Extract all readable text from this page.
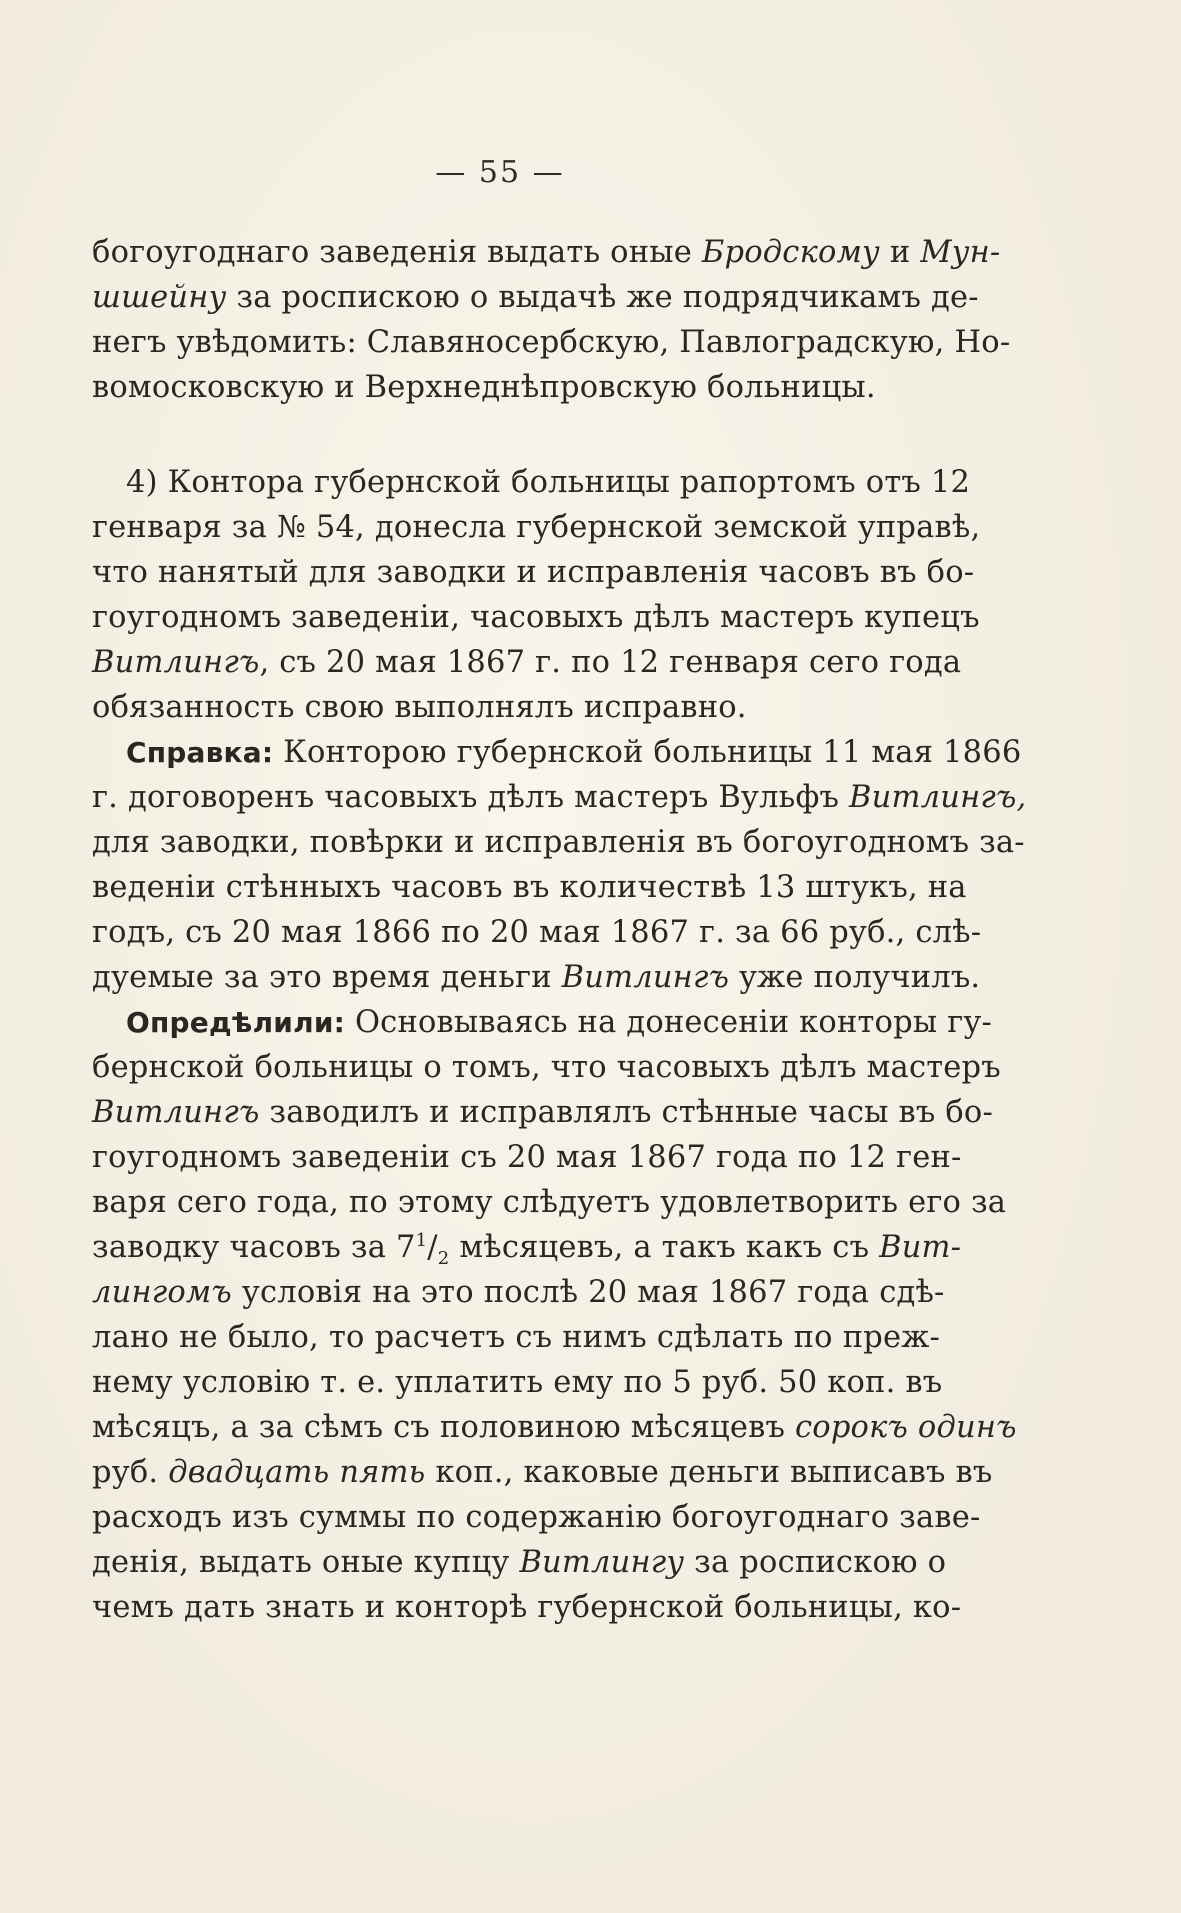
— 55 —
богоугоднаго заведенія выдать оные Бродскому и Мун-
шшейну за роспискою о выдачѣ же подрядчикамъ де-
негъ увѣдомить: Славяносербскую, Павлоградскую, Но-
вомосковскую и Верхнеднѣпровскую больницы.
4) Контора губернской больницы рапортомъ отъ 12
генваря за № 54, донесла губернской земской управѣ,
что нанятый для заводки и исправленія часовъ въ бо-
гоугодномъ заведеніи, часовыхъ дѣлъ мастеръ купецъ
Витлингъ, съ 20 мая 1867 г. по 12 генваря сего года
обязанность свою выполнялъ исправно.
Справка: Конторою губернской больницы 11 мая 1866
г. договоренъ часовыхъ дѣлъ мастеръ Вульфъ Витлингъ,
для заводки, повѣрки и исправленія въ богоугодномъ за-
веденіи стѣнныхъ часовъ въ количествѣ 13 штукъ, на
годъ, съ 20 мая 1866 по 20 мая 1867 г. за 66 руб., слѣ-
дуемые за это время деньги Витлингъ уже получилъ.
Опредѣлили: Основываясь на донесеніи конторы гу-
бернской больницы о томъ, что часовыхъ дѣлъ мастеръ
Витлингъ заводилъ и исправлялъ стѣнные часы въ бо-
гоугодномъ заведеніи съ 20 мая 1867 года по 12 ген-
варя сего года, по этому слѣдуетъ удовлетворить его за
заводку часовъ за $7^1/_2$ мѣсяцевъ, а такъ какъ съ Вит-
лингомъ условія на это послѣ 20 мая 1867 года сдѣ-
лано не было, то расчетъ съ нимъ сдѣлать по преж-
нему условію т. е. уплатить ему по 5 руб. 50 коп. въ
мѣсяцъ, а за сѣмъ съ половиною мѣсяцевъ сорокъ одинъ
руб. двадцать пять коп., каковые деньги выписавъ въ
расходъ изъ суммы по содержанію богоугоднаго заве-
денія, выдать оные купцу Витлингу за роспискою о
чемъ дать знать и конторѣ губернской больницы, ко-
